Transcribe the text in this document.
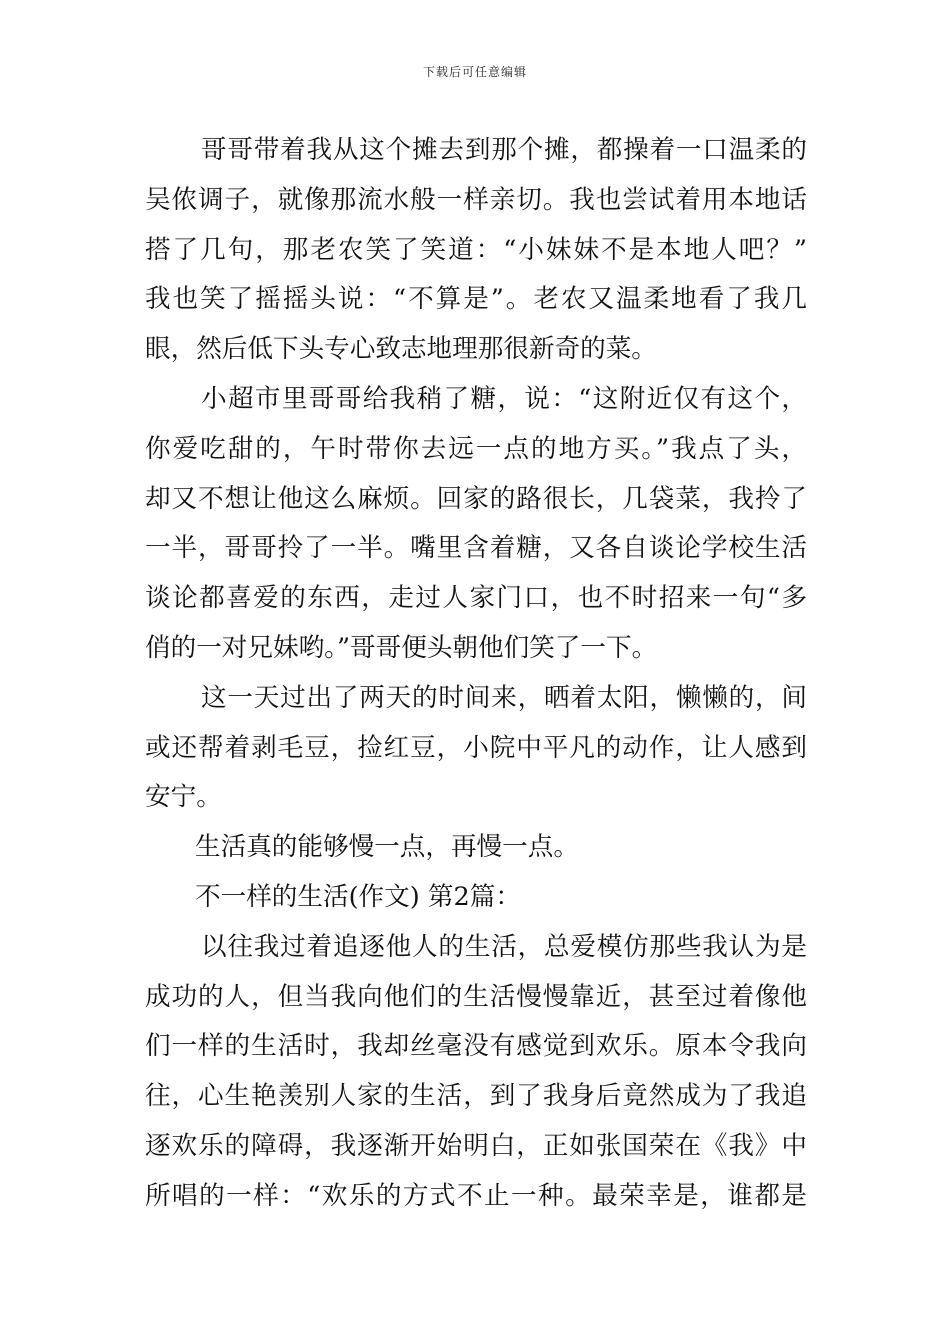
下载后可任意编辑
哥哥带着我从这个摊去到那个摊，都操着一口温柔的
吴侬调子，就像那流水般一样亲切。我也尝试着用本地话
搭了几句，那老农笑了笑道：“小妹妹不是本地人吧？”
我也笑了摇摇头说：“不算是”。老农又温柔地看了我几
眼，然后低下头专心致志地理那很新奇的菜。
小超市里哥哥给我稍了糖，说：“这附近仅有这个，
你爱吃甜的，午时带你去远一点的地方买。”我点了头，
却又不想让他这么麻烦。回家的路很长，几袋菜，我拎了
一半，哥哥拎了一半。嘴里含着糖，又各自谈论学校生活
谈论都喜爱的东西，走过人家门口，也不时招来一句“多
俏的一对兄妹哟。”哥哥便头朝他们笑了一下。
这一天过出了两天的时间来，晒着太阳，懒懒的，间
或还帮着剥毛豆，捡红豆，小院中平凡的动作，让人感到
安宁。
生活真的能够慢一点，再慢一点。
不一样的生活(作文) 第2篇：
以往我过着追逐他人的生活，总爱模仿那些我认为是
成功的人，但当我向他们的生活慢慢靠近，甚至过着像他
们一样的生活时，我却丝毫没有感觉到欢乐。原本令我向
往，心生艳羡别人家的生活，到了我身后竟然成为了我追
逐欢乐的障碍，我逐渐开始明白，正如张国荣在《我》中
所唱的一样：“欢乐的方式不止一种。最荣幸是，谁都是
